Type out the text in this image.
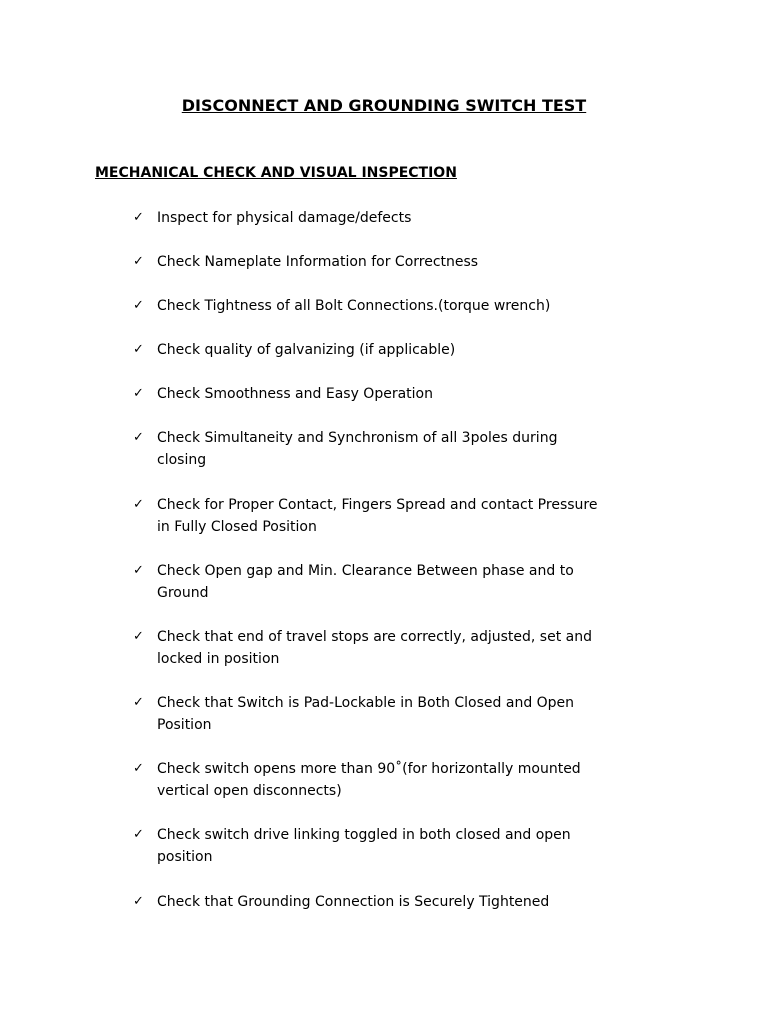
DISCONNECT AND GROUNDING SWITCH TEST
MECHANICAL CHECK AND VISUAL INSPECTION
✓ Inspect for physical damage/defects
✓ Check Nameplate Information for Correctness
✓ Check Tightness of all Bolt Connections.(torque wrench)
✓ Check quality of galvanizing (if applicable)
✓ Check Smoothness and Easy Operation
✓ Check Simultaneity and Synchronism of all 3poles during closing
✓ Check for Proper Contact, Fingers Spread and contact Pressure in Fully Closed Position
✓ Check Open gap and Min. Clearance Between phase and to Ground
✓ Check that end of travel stops are correctly, adjusted, set and locked in position
✓ Check that Switch is Pad-Lockable in Both Closed and Open Position
✓ Check switch opens more than 90˚(for horizontally mounted vertical open disconnects)
✓ Check switch drive linking toggled in both closed and open position
✓ Check that Grounding Connection is Securely Tightened
